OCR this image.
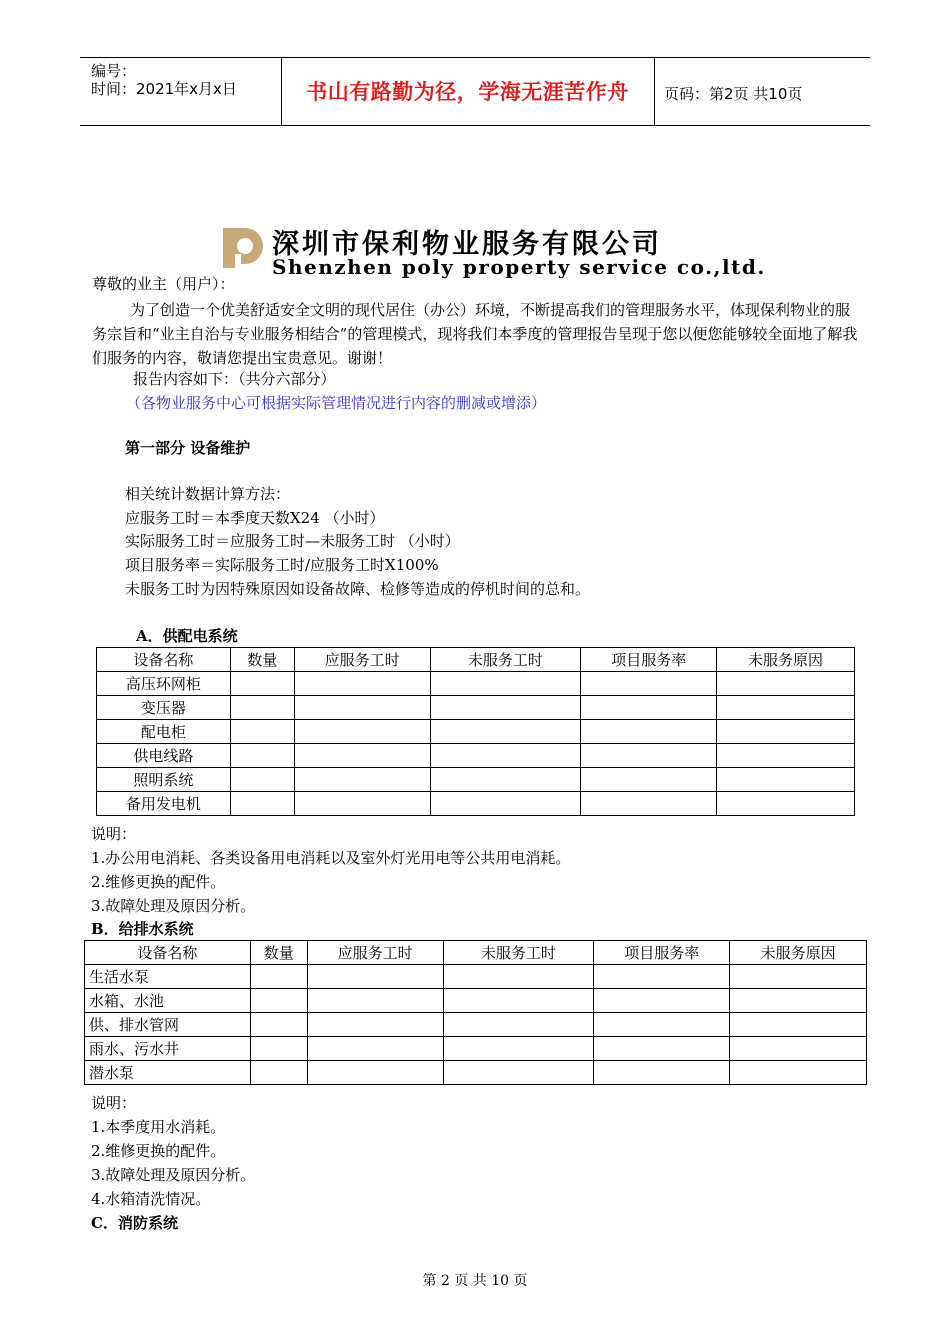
编号：
时间：2021年x月x日	书山有路勤为径，学海无涯苦作舟	页码：第2页 共10页
深圳市保利物业服务有限公司
Shenzhen poly property service co.,ltd.
尊敬的业主（用户）：
为了创造一个优美舒适安全文明的现代居住（办公）环境，不断提高我们的管理服务水平，体现保利物业的服务宗旨和“业主自治与专业服务相结合”的管理模式，现将我们本季度的管理报告呈现于您以便您能够较全面地了解我们服务的内容，敬请您提出宝贵意见。谢谢！
报告内容如下：（共分六部分）
（各物业服务中心可根据实际管理情况进行内容的删减或增添）
第一部分 设备维护
相关统计数据计算方法：
应服务工时＝本季度天数X24 （小时）
实际服务工时＝应服务工时—未服务工时 （小时）
项目服务率＝实际服务工时/应服务工时X100%
未服务工时为因特殊原因如设备故障、检修等造成的停机时间的总和。
A．供配电系统
设备名称	数量	应服务工时	未服务工时	项目服务率	未服务原因
高压环网柜					
变压器					
配电柜					
供电线路					
照明系统					
备用发电机					
说明：
1.办公用电消耗、各类设备用电消耗以及室外灯光用电等公共用电消耗。
2.维修更换的配件。
3.故障处理及原因分析。
B．给排水系统
设备名称	数量	应服务工时	未服务工时	项目服务率	未服务原因
生活水泵					
水箱、水池					
供、排水管网					
雨水、污水井					
潜水泵					
说明：
1.本季度用水消耗。
2.维修更换的配件。
3.故障处理及原因分析。
4.水箱清洗情况。
C．消防系统
第 2 页 共 10 页
